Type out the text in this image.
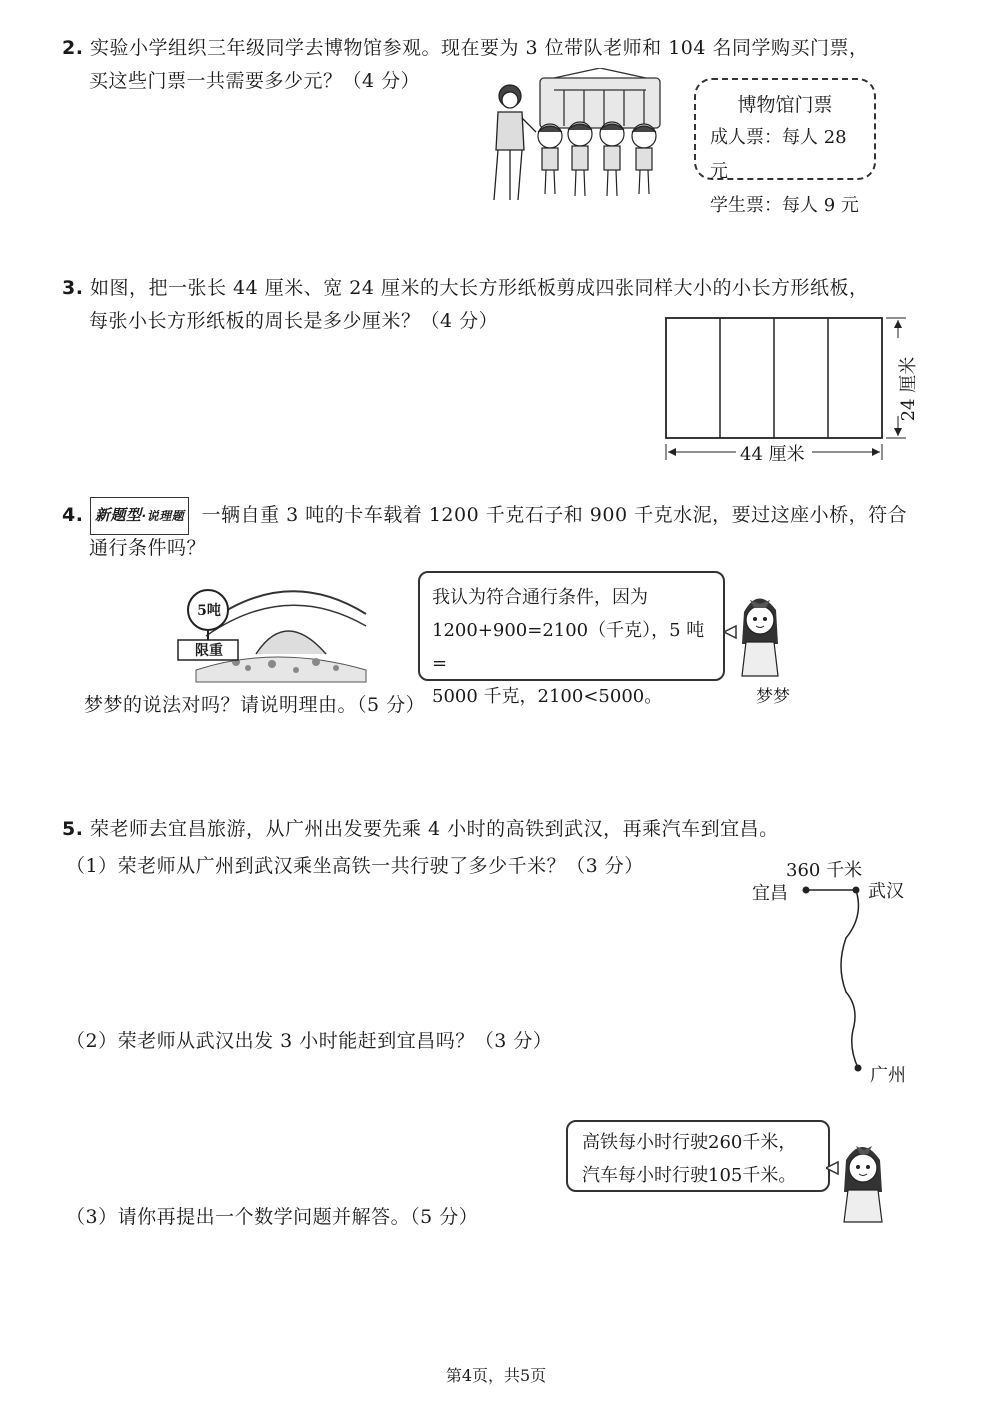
2. 实验小学组织三年级同学去博物馆参观。现在要为 3 位带队老师和 104 名同学购买门票，
买这些门票一共需要多少元？（4 分）
博物馆门票
成人票：每人 28 元
学生票：每人 9 元
3. 如图，把一张长 44 厘米、宽 24 厘米的大长方形纸板剪成四张同样大小的小长方形纸板，
每张小长方形纸板的周长是多少厘米？（4 分）
44 厘米
24 厘米
4. 新题型·说理题 一辆自重 3 吨的卡车载着 1200 千克石子和 900 千克水泥，要过这座小桥，符合
通行条件吗？
5吨
限重
我认为符合通行条件，因为
1200+900=2100（千克），5 吨 =
5000 千克，2100<5000。	梦梦
梦梦的说法对吗？请说明理由。（5 分）
5. 荣老师去宜昌旅游，从广州出发要先乘 4 小时的高铁到武汉，再乘汽车到宜昌。
（1）荣老师从广州到武汉乘坐高铁一共行驶了多少千米？（3 分）
（2）荣老师从武汉出发 3 小时能赶到宜昌吗？（3 分）
（3）请你再提出一个数学问题并解答。（5 分）
360 千米
宜昌	武汉
广州
高铁每小时行驶260千米，
汽车每小时行驶105千米。
第4页，共5页
